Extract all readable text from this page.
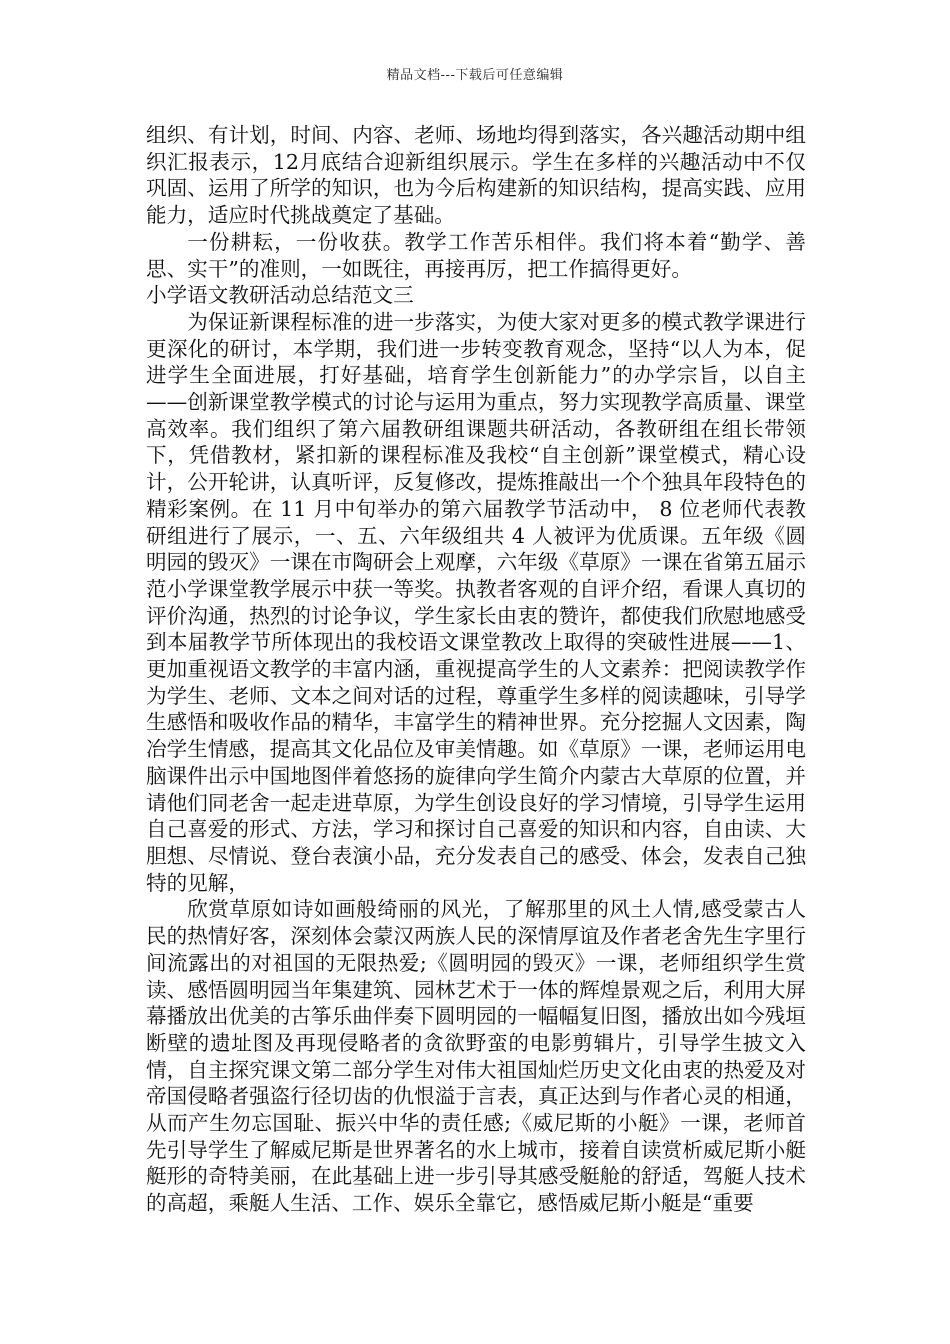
精品文档---下载后可任意编辑

组织、有计划，时间、内容、老师、场地均得到落实，各兴趣活动期中组织汇报表示，12月底结合迎新组织展示。学生在多样的兴趣活动中不仅巩固、运用了所学的知识，也为今后构建新的知识结构，提高实践、应用能力，适应时代挑战奠定了基础。

一份耕耘，一份收获。教学工作苦乐相伴。我们将本着“勤学、善思、实干”的准则，一如既往，再接再厉，把工作搞得更好。

小学语文教研活动总结范文三

为保证新课程标准的进一步落实，为使大家对更多的模式教学课进行更深化的研讨，本学期，我们进一步转变教育观念，坚持“以人为本，促进学生全面进展，打好基础，培育学生创新能力”的办学宗旨，以自主——创新课堂教学模式的讨论与运用为重点，努力实现教学高质量、课堂高效率。我们组织了第六届教研组课题共研活动，各教研组在组长带领下，凭借教材，紧扣新的课程标准及我校“自主创新”课堂模式，精心设计，公开轮讲，认真听评，反复修改，提炼推敲出一个个独具年段特色的精彩案例。在 11 月中旬举办的第六届教学节活动中， 8 位老师代表教研组进行了展示，一、五、六年级组共 4 人被评为优质课。五年级《圆明园的毁灭》一课在市陶研会上观摩，六年级《草原》一课在省第五届示范小学课堂教学展示中获一等奖。执教者客观的自评介绍，看课人真切的评价沟通，热烈的讨论争议，学生家长由衷的赞许，都使我们欣慰地感受到本届教学节所体现出的我校语文课堂教改上取得的突破性进展——1、更加重视语文教学的丰富内涵，重视提高学生的人文素养：把阅读教学作为学生、老师、文本之间对话的过程，尊重学生多样的阅读趣味，引导学生感悟和吸收作品的精华，丰富学生的精神世界。充分挖掘人文因素，陶冶学生情感，提高其文化品位及审美情趣。如《草原》一课，老师运用电脑课件出示中国地图伴着悠扬的旋律向学生简介内蒙古大草原的位置，并请他们同老舍一起走进草原，为学生创设良好的学习情境，引导学生运用自己喜爱的形式、方法，学习和探讨自己喜爱的知识和内容，自由读、大胆想、尽情说、登台表演小品，充分发表自己的感受、体会，发表自己独特的见解，

欣赏草原如诗如画般绮丽的风光，了解那里的风土人情,感受蒙古人民的热情好客，深刻体会蒙汉两族人民的深情厚谊及作者老舍先生字里行间流露出的对祖国的无限热爱;《圆明园的毁灭》一课，老师组织学生赏读、感悟圆明园当年集建筑、园林艺术于一体的辉煌景观之后，利用大屏幕播放出优美的古筝乐曲伴奏下圆明园的一幅幅复旧图，播放出如今残垣断壁的遗址图及再现侵略者的贪欲野蛮的电影剪辑片，引导学生披文入情，自主探究课文第二部分学生对伟大祖国灿烂历史文化由衷的热爱及对帝国侵略者强盗行径切齿的仇恨溢于言表，真正达到与作者心灵的相通，从而产生勿忘国耻、振兴中华的责任感;《威尼斯的小艇》一课，老师首先引导学生了解威尼斯是世界著名的水上城市，接着自读赏析威尼斯小艇艇形的奇特美丽，在此基础上进一步引导其感受艇舱的舒适，驾艇人技术的高超，乘艇人生活、工作、娱乐全靠它，感悟威尼斯小艇是“重要
